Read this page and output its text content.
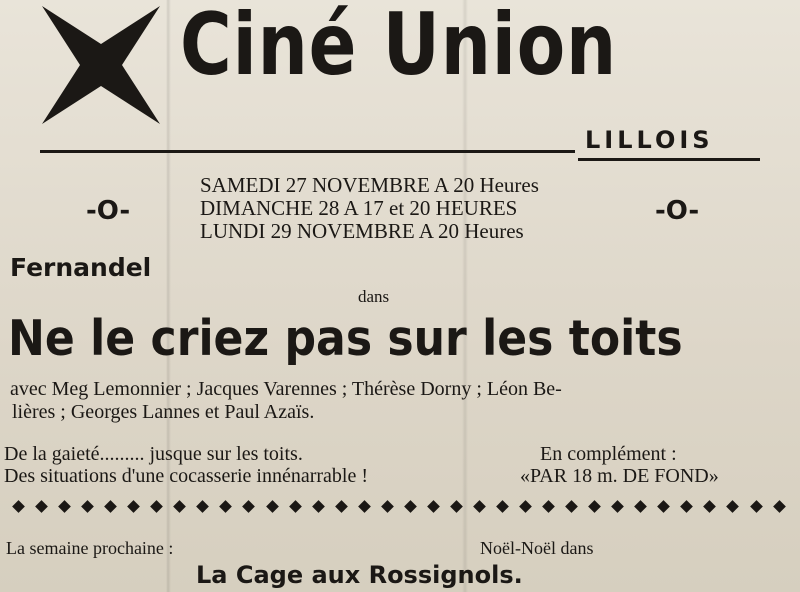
Ciné Union
LILLOIS
-O-	-O-
SAMEDI 27 NOVEMBRE A 20 Heures
DIMANCHE 28 A 17 et 20 HEURES
LUNDI 29 NOVEMBRE A 20 Heures
Fernandel
dans
Ne le criez pas sur les toits
avec Meg Lemonnier ; Jacques Varennes ; Thérèse Dorny ; Léon Be-
lières ; Georges Lannes et Paul Azaïs.
De la gaieté......... jusque sur les toits.
Des situations d'une cocasserie innénarrable !
En complément :
«PAR 18 m. DE FOND»
La semaine prochaine :	Noël-Noël dans
La Cage aux Rossignols.
